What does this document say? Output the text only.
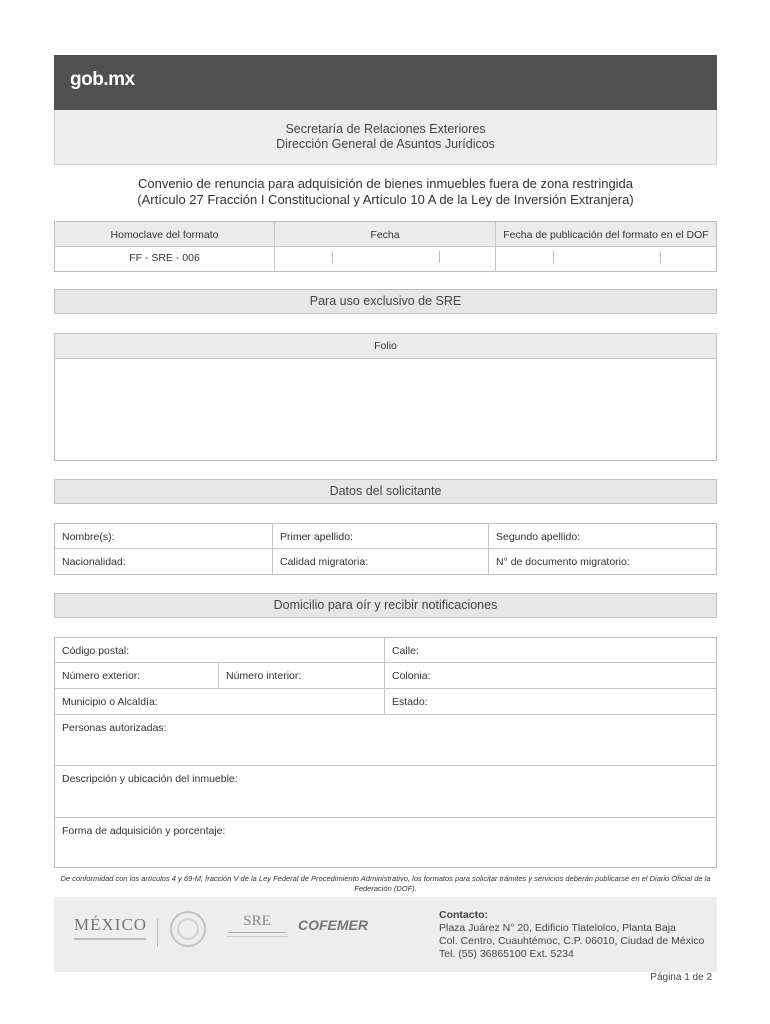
gob.mx
Secretaría de Relaciones Exteriores
Dirección General de Asuntos Jurídicos
Convenio de renuncia para adquisición de bienes inmuebles fuera de zona restringida
(Artículo 27 Fracción I Constitucional y Artículo 10 A de la Ley de Inversión Extranjera)
Homoclave del formato	Fecha	Fecha de publicación del formato en el DOF
FF - SRE - 006
Para uso exclusivo de SRE
Folio
Datos del solicitante
Nombre(s):	Primer apellido:	Segundo apellido:
Nacionalidad:	Calidad migratoria:	N° de documento migratorio:
Domicilio para oír y recibir notificaciones
Código postal:	Calle:
Número exterior:	Número interior:	Colonia:
Municipio o Alcaldía:	Estado:
Personas autorizadas:
Descripción y ubicación del inmueble:
Forma de adquisición y porcentaje:
De conformidad con los artículos 4 y 69-M, fracción V de la Ley Federal de Procedimiento Administrativo, los formatos para solicitar trámites y servicios deberán publicarse en el Diario Oficial de la Federación (DOF).
MÉXICO	SRE	COFEMER
Contacto:
Plaza Juárez N° 20, Edificio Tlatelolco, Planta Baja
Col. Centro, Cuauhtémoc, C.P. 06010, Ciudad de México
Tel. (55) 36865100 Ext. 5234
Página 1 de 2
